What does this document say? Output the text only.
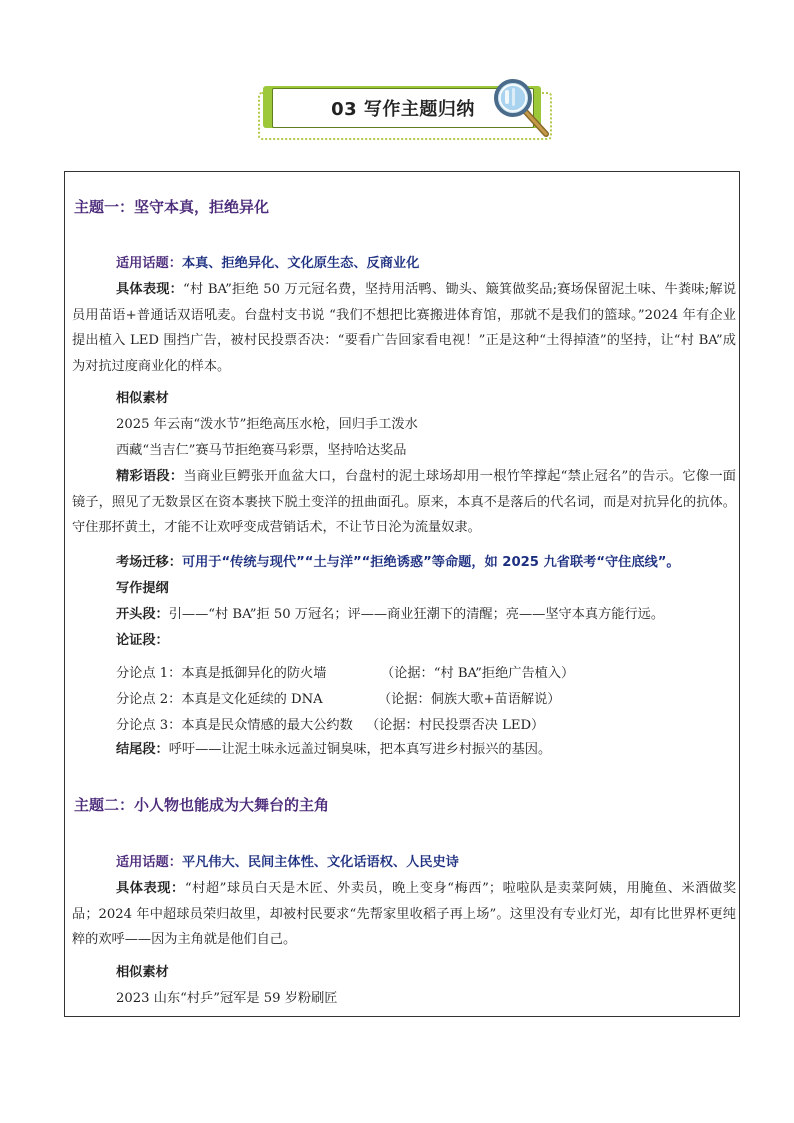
03 写作主题归纳
主题一：坚守本真，拒绝异化
适用话题：本真、拒绝异化、文化原生态、反商业化

具体表现：“村 BA”拒绝 50 万元冠名费，坚持用活鸭、锄头、簸箕做奖品;赛场保留泥土味、牛粪味;解说员用苗语+普通话双语吼麦。台盘村支书说 “我们不想把比赛搬进体育馆，那就不是我们的篮球。”2024 年有企业提出植入 LED 围挡广告，被村民投票否决：“要看广告回家看电视！”正是这种“土得掉渣”的坚持，让“村 BA”成为对抗过度商业化的样本。

相似素材
2025 年云南“泼水节”拒绝高压水枪，回归手工泼水
西藏“当吉仁”赛马节拒绝赛马彩票，坚持哈达奖品

精彩语段：当商业巨鳄张开血盆大口，台盘村的泥土球场却用一根竹竿撑起“禁止冠名”的告示。它像一面镜子，照见了无数景区在资本裹挟下脱土变洋的扭曲面孔。原来，本真不是落后的代名词，而是对抗异化的抗体。守住那抔黄土，才能不让欢呼变成营销话术，不让节日沦为流量奴隶。

考场迁移：可用于“传统与现代”“土与洋”“拒绝诱惑”等命题，如 2025 九省联考“守住底线”。
写作提纲
开头段：引——“村 BA”拒 50 万冠名；评——商业狂潮下的清醒；亮——坚守本真方能行远。
论证段：
分论点 1：本真是抵御异化的防火墙	（论据：“村 BA”拒绝广告植入）
分论点 2：本真是文化延续的 DNA	（论据：侗族大歌+苗语解说）
分论点 3：本真是民众情感的最大公约数 （论据：村民投票否决 LED）
结尾段：呼吁——让泥土味永远盖过铜臭味，把本真写进乡村振兴的基因。
主题二：小人物也能成为大舞台的主角
适用话题：平凡伟大、民间主体性、文化话语权、人民史诗

具体表现：“村超”球员白天是木匠、外卖员，晚上变身“梅西”；啦啦队是卖菜阿姨，用腌鱼、米酒做奖品；2024 年中超球员荣归故里，却被村民要求“先帮家里收稻子再上场”。这里没有专业灯光，却有比世界杯更纯粹的欢呼——因为主角就是他们自己。

相似素材
2023 山东“村乒”冠军是 59 岁粉刷匠
